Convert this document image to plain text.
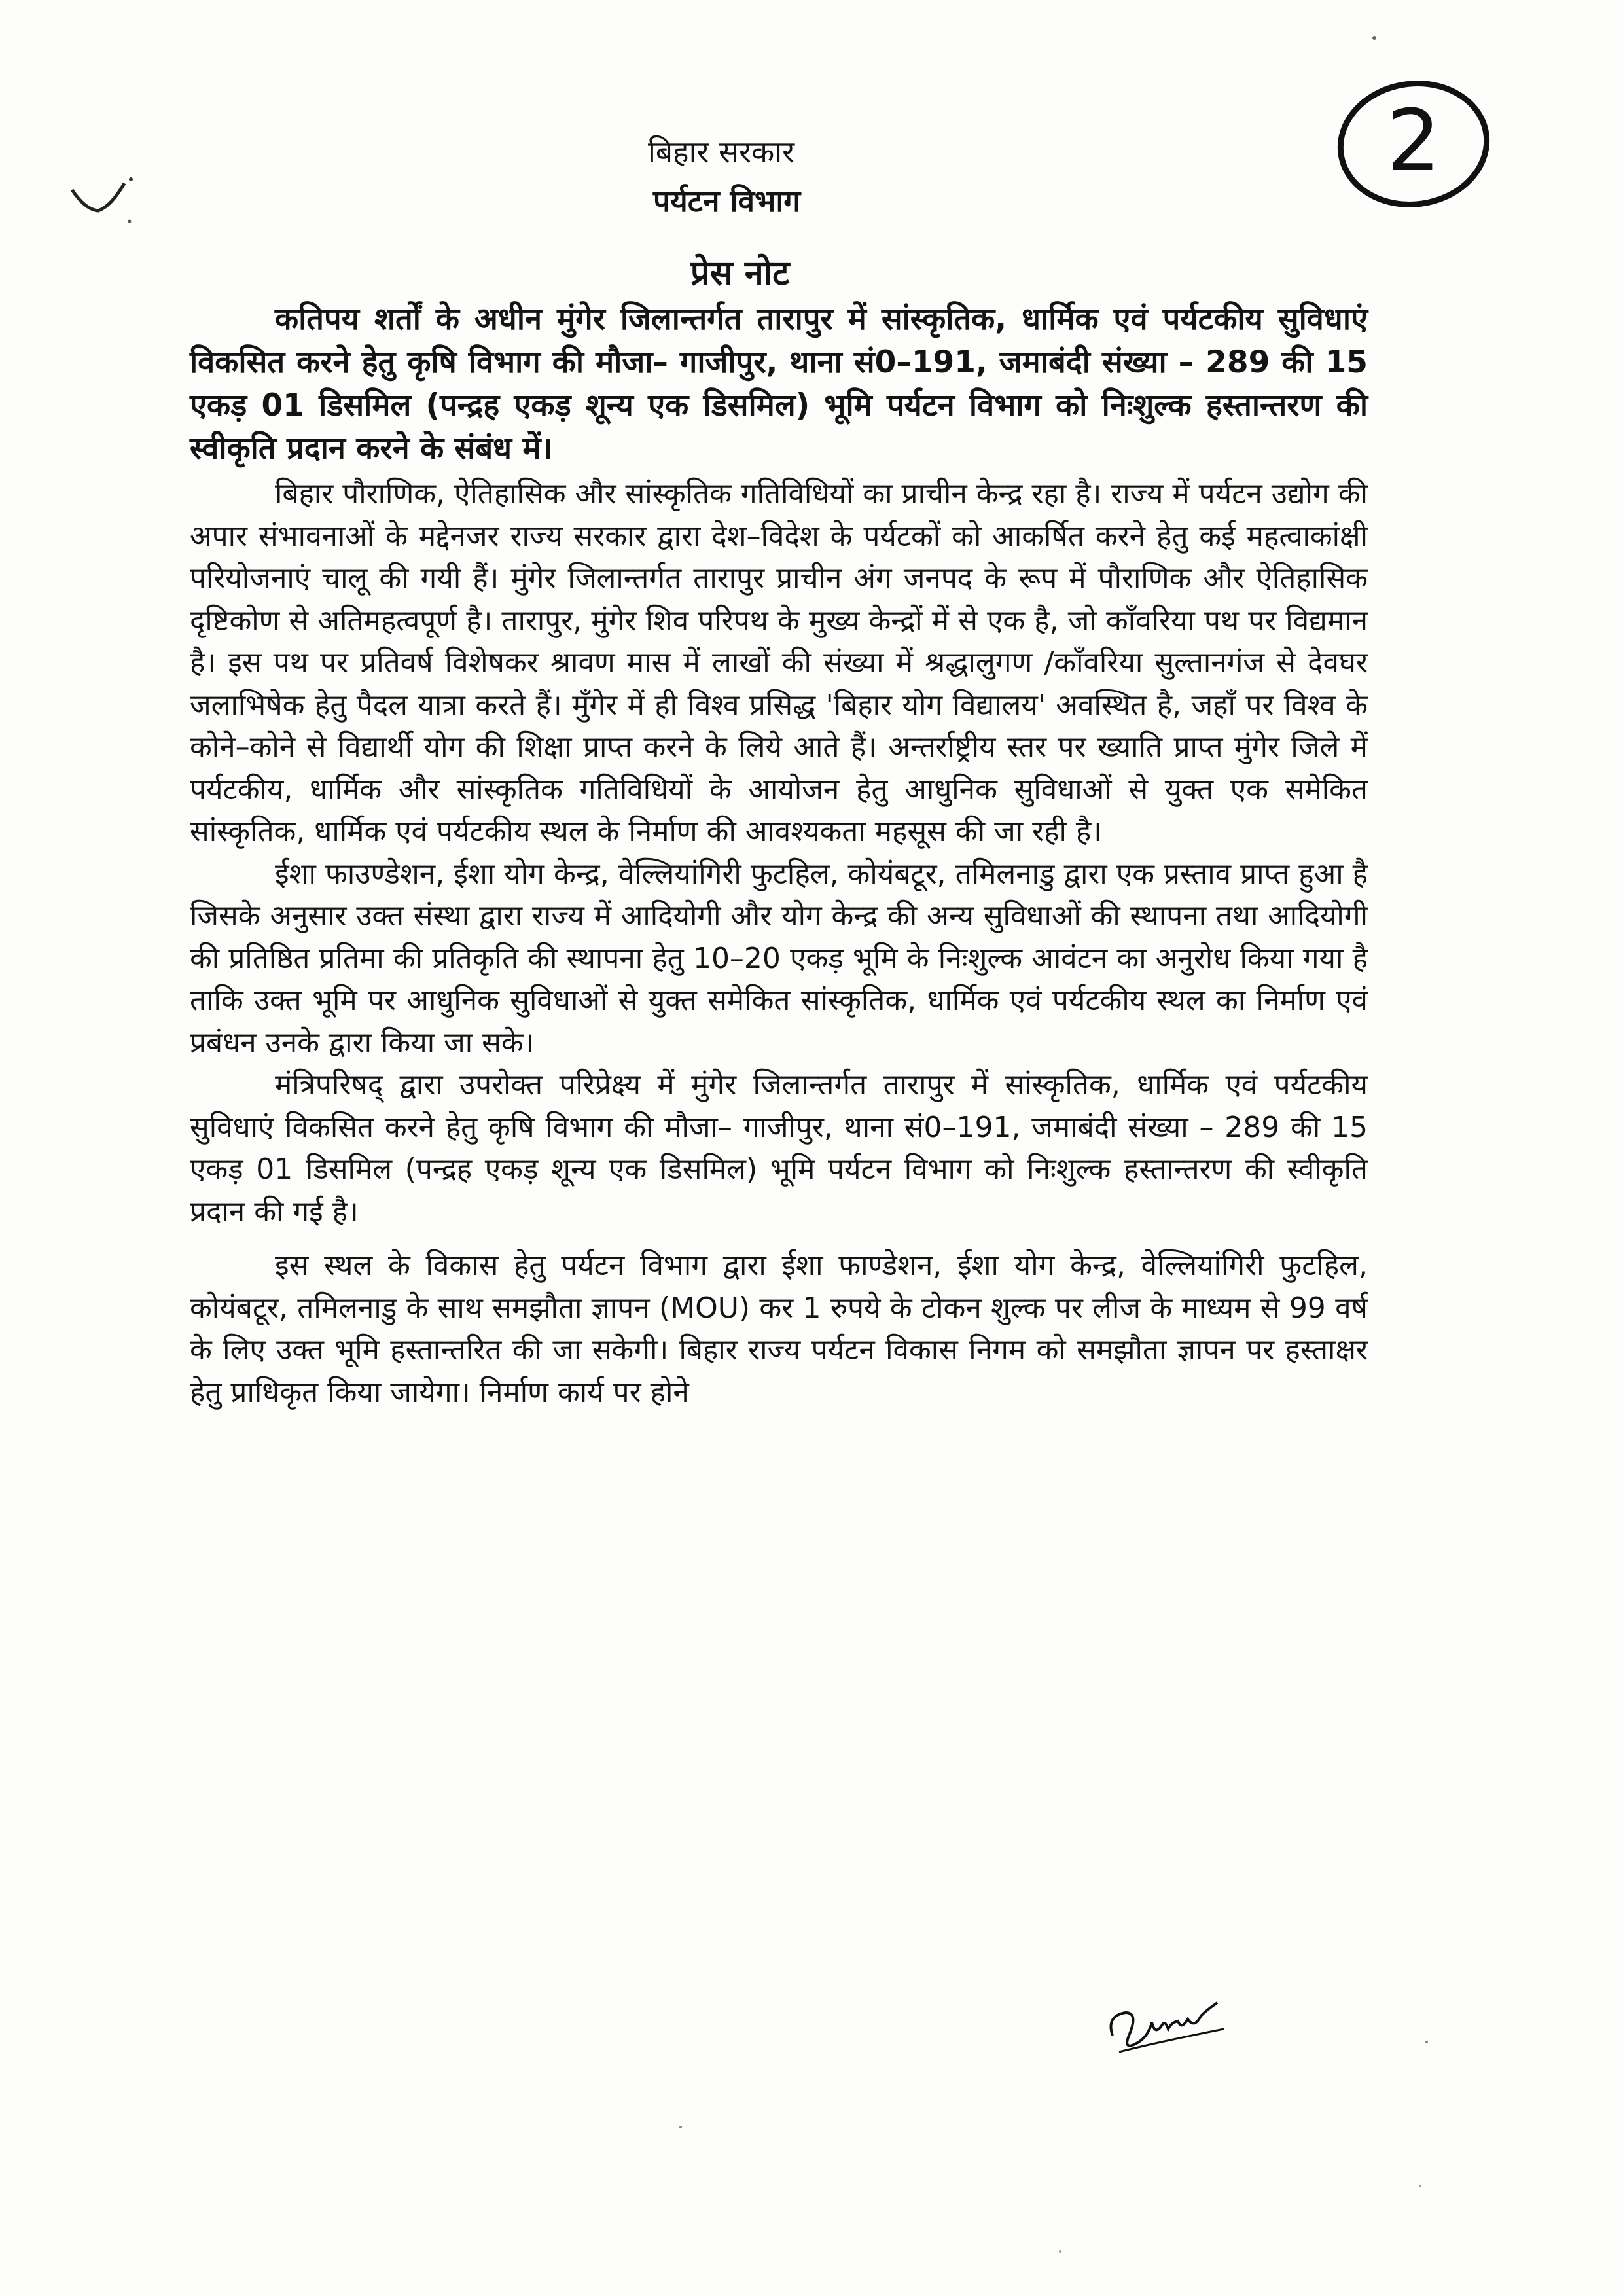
2
बिहार सरकार
पर्यटन विभाग
प्रेस नोट

कतिपय शर्तों के अधीन मुंगेर जिलान्तर्गत तारापुर में सांस्कृतिक, धार्मिक एवं पर्यटकीय सुविधाएं विकसित करने हेतु कृषि विभाग की मौजा– गाजीपुर, थाना सं0–191, जमाबंदी संख्या – 289 की 15 एकड़ 01 डिसमिल (पन्द्रह एकड़ शून्य एक डिसमिल) भूमि पर्यटन विभाग को निःशुल्क हस्तान्तरण की स्वीकृति प्रदान करने के संबंध में।

बिहार पौराणिक, ऐतिहासिक और सांस्कृतिक गतिविधियों का प्राचीन केन्द्र रहा है। राज्य में पर्यटन उद्योग की अपार संभावनाओं के मद्देनजर राज्य सरकार द्वारा देश–विदेश के पर्यटकों को आकर्षित करने हेतु कई महत्वाकांक्षी परियोजनाएं चालू की गयी हैं। मुंगेर जिलान्तर्गत तारापुर प्राचीन अंग जनपद के रूप में पौराणिक और ऐतिहासिक दृष्टिकोण से अतिमहत्वपूर्ण है। तारापुर, मुंगेर शिव परिपथ के मुख्य केन्द्रों में से एक है, जो काँवरिया पथ पर विद्यमान है। इस पथ पर प्रतिवर्ष विशेषकर श्रावण मास में लाखों की संख्या में श्रद्धालुगण /काँवरिया सुल्तानगंज से देवघर जलाभिषेक हेतु पैदल यात्रा करते हैं। मुँगेर में ही विश्व प्रसिद्ध 'बिहार योग विद्यालय' अवस्थित है, जहाँ पर विश्व के कोने–कोने से विद्यार्थी योग की शिक्षा प्राप्त करने के लिये आते हैं। अन्तर्राष्ट्रीय स्तर पर ख्याति प्राप्त मुंगेर जिले में पर्यटकीय, धार्मिक और सांस्कृतिक गतिविधियों के आयोजन हेतु आधुनिक सुविधाओं से युक्त एक समेकित सांस्कृतिक, धार्मिक एवं पर्यटकीय स्थल के निर्माण की आवश्यकता महसूस की जा रही है।

ईशा फाउण्डेशन, ईशा योग केन्द्र, वेल्लियांगिरी फुटहिल, कोयंबटूर, तमिलनाडु द्वारा एक प्रस्ताव प्राप्त हुआ है जिसके अनुसार उक्त संस्था द्वारा राज्य में आदियोगी और योग केन्द्र की अन्य सुविधाओं की स्थापना तथा आदियोगी की प्रतिष्ठित प्रतिमा की प्रतिकृति की स्थापना हेतु 10–20 एकड़ भूमि के निःशुल्क आवंटन का अनुरोध किया गया है ताकि उक्त भूमि पर आधुनिक सुविधाओं से युक्त समेकित सांस्कृतिक, धार्मिक एवं पर्यटकीय स्थल का निर्माण एवं प्रबंधन उनके द्वारा किया जा सके।

मंत्रिपरिषद् द्वारा उपरोक्त परिप्रेक्ष्य में मुंगेर जिलान्तर्गत तारापुर में सांस्कृतिक, धार्मिक एवं पर्यटकीय सुविधाएं विकसित करने हेतु कृषि विभाग की मौजा– गाजीपुर, थाना सं0–191, जमाबंदी संख्या – 289 की 15 एकड़ 01 डिसमिल (पन्द्रह एकड़ शून्य एक डिसमिल) भूमि पर्यटन विभाग को निःशुल्क हस्तान्तरण की स्वीकृति प्रदान की गई है।

इस स्थल के विकास हेतु पर्यटन विभाग द्वारा ईशा फाण्डेशन, ईशा योग केन्द्र, वेल्लियांगिरी फुटहिल, कोयंबटूर, तमिलनाडु के साथ समझौता ज्ञापन (MOU) कर 1 रुपये के टोकन शुल्क पर लीज के माध्यम से 99 वर्ष के लिए उक्त भूमि हस्तान्तरित की जा सकेगी। बिहार राज्य पर्यटन विकास निगम को समझौता ज्ञापन पर हस्ताक्षर हेतु प्राधिकृत किया जायेगा। निर्माण कार्य पर होने
